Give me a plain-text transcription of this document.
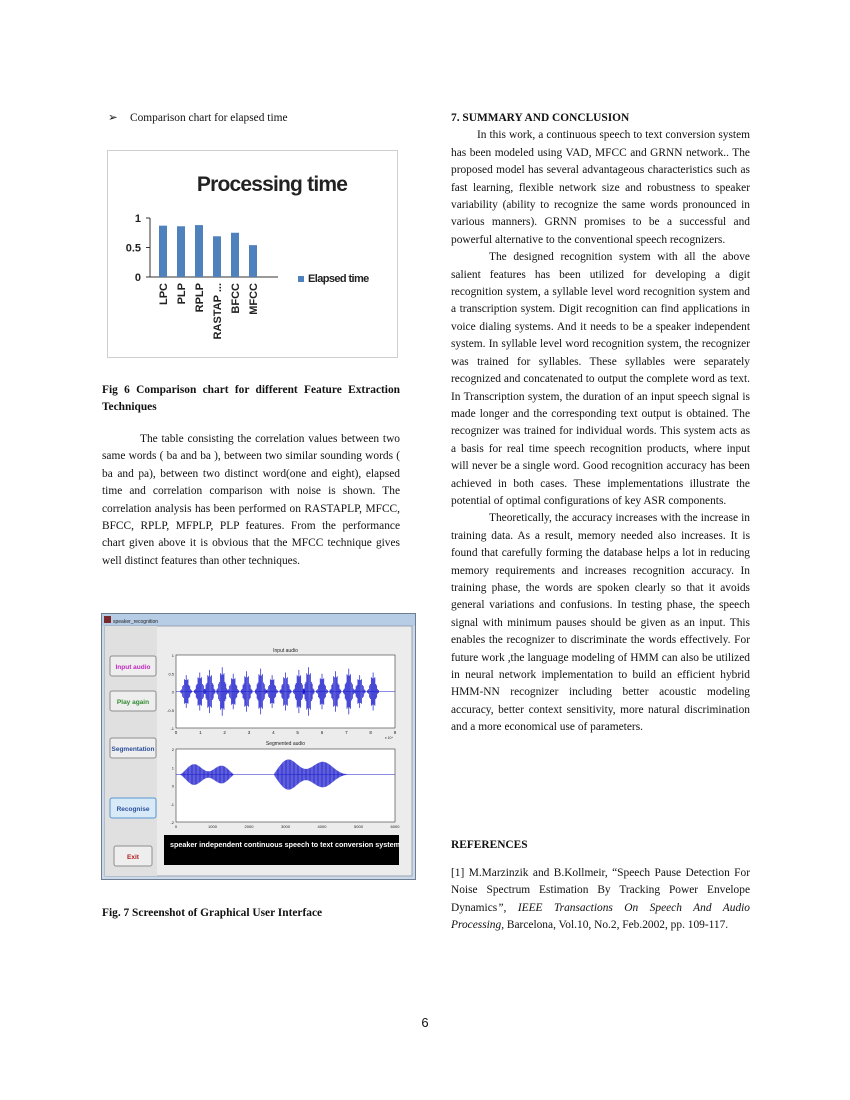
➢ Comparison chart for elapsed time
Processing time
1
0.5
0
LPC PLP RPLP RASTAP ... BFCC MFCC
Elapsed time
Fig 6 Comparison chart for different Feature Extraction Techniques
The table consisting the correlation values between two same words ( ba and ba ), between two similar sounding words ( ba and pa), between two distinct word(one and eight), elapsed time and correlation comparison with noise is shown. The correlation analysis has been performed on RASTAPLP, MFCC, BFCC, RPLP, MFPLP, PLP features. From the performance chart given above it is obvious that the MFCC technique gives well distinct features than other techniques.
speaker_recognition
Input audio
Play again
Segmentation
Recognise
Exit
Input audio
1
0.5
0
-0.5
-1
0	1	2	3	4	5	6	7	8	9
x 10⁴
Segmented audio
2
1
0
-1
-2
0	1000	2000	3000	4000	5000	6000
speaker independent continuous speech to text conversion system
Fig. 7 Screenshot of Graphical User Interface
7. SUMMARY AND CONCLUSION
In this work, a continuous speech to text conversion system has been modeled using VAD, MFCC and GRNN network.. The proposed model has several advantageous characteristics such as fast learning, flexible network size and robustness to speaker variability (ability to recognize the same words pronounced in various manners). GRNN promises to be a successful and powerful alternative to the conventional speech recognizers.
The designed recognition system with all the above salient features has been utilized for developing a digit recognition system, a syllable level word recognition system and a transcription system. Digit recognition can find applications in voice dialing systems. And it needs to be a speaker independent system. In syllable level word recognition system, the recognizer was trained for syllables. These syllables were separately recognized and concatenated to output the complete word as text. In Transcription system, the duration of an input speech signal is made longer and the corresponding text output is obtained. The recognizer was trained for individual words. This system acts as a basis for real time speech recognition products, where input will never be a single word. Good recognition accuracy has been achieved in both cases. These implementations illustrate the potential of optimal configurations of key ASR components.
Theoretically, the accuracy increases with the increase in training data. As a result, memory needed also increases. It is found that carefully forming the database helps a lot in reducing memory requirements and increases recognition accuracy. In training phase, the words are spoken clearly so that it avoids general variations and confusions. In testing phase, the speech signal with minimum pauses should be given as an input. This enables the recognizer to discriminate the words effectively. For future work ,the language modeling of HMM can also be utilized in neural network implementation to build an efficient hybrid HMM-NN recognizer including better acoustic modeling accuracy, better context sensitivity, more natural discrimination and a more economical use of parameters.
REFERENCES
[1] M.Marzinzik and B.Kollmeir, “Speech Pause Detection For Noise Spectrum Estimation By Tracking Power Envelope Dynamics”, IEEE Transactions On Speech And Audio Processing, Barcelona, Vol.10, No.2, Feb.2002, pp. 109-117.
6
